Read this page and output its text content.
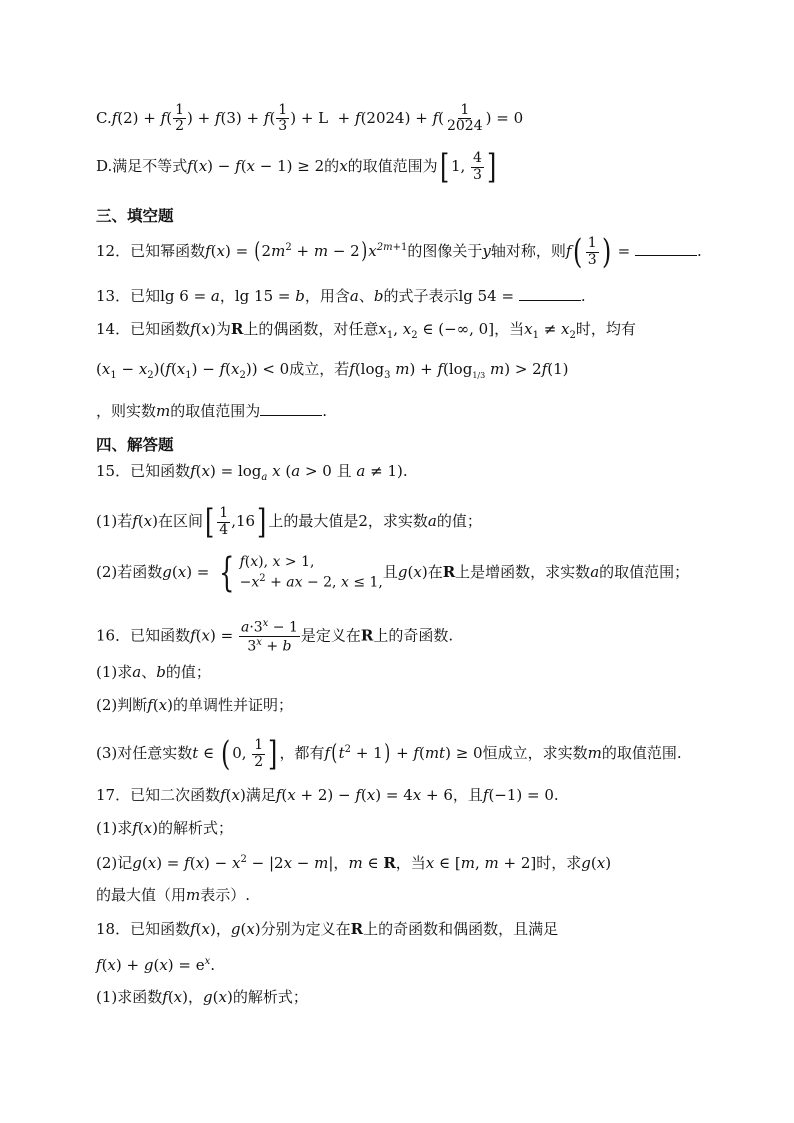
$C.f(2) + f( \frac{1}{2}$ ) + $f(3) + f( \frac{1}{3}$ ) + $L + f(2024) + f( \frac{1}{2024}$ ) = 0
D.满足不等式f(x) − f(x − 1) ≥ 2的x的取值范围为[ 1, $\frac{4}{3}$ ]
三、填空题
12．已知幂函数$f(x) = (2m^2 + m - 2)x^{2m+1}$的图像关于y轴对称，则$f( \frac{1}{3}$ ) =	.
13．已知lg 6 = a，lg 15 = b，用含a、b的式子表示lg 54 =	.
14．已知函数f(x)为R上的偶函数，对任意$x_1$, $x_2$ ∈ (−∞, 0]，当$x_1 \ne x_2$时，均有
$(x_1 - x_2)(f(x_1) - f(x_2)) < 0$成立，若$f(\log_3$ $m) + f(\log_{1/3}$ m) > 2f(1)
，则实数m的取值范围为	.
四、解答题
15．已知函数$f(x) = \log_a x$ (a > 0 且 a ≠ 1).
(1)若f(x)在区间[ $\frac{1}{4} ,16$] 上的最大值是2，求实数a的值；
(2)若函数g(x) = { f(x), x > 1,
$-x^2$ + ax − 2, x ≤ 1,
且g(x)在R上是增函数，求实数a的取值范围；
16．已知函数$f(x) = \frac{a\cdot 3^x - 1}{3^x + b}$ 是定义在R上的奇函数.
(1)求a、b的值；
(2)判断f(x)的单调性并证明；
(3)对任意实数t ∈ ( 0, $\frac{1}{2}$ ] ，都有$f(t^2 + 1) + f(mt) \ge 0$恒成立，求实数m的取值范围.
17．已知二次函数f(x)满足f(x + 2) − f(x) = 4x + 6，且f(−1) = 0.
(1)求f(x)的解析式；
(2)记$g(x) = f(x) - x^2 - |2x - m|$，m ∈ R，当x ∈ [m, m + 2]时，求g(x)
的最大值（用m表示）.
18．已知函数f(x)，g(x)分别为定义在R上的奇函数和偶函数，且满足
$f(x) + g(x) = e^x$.
(1)求函数f(x)，g(x)的解析式；
